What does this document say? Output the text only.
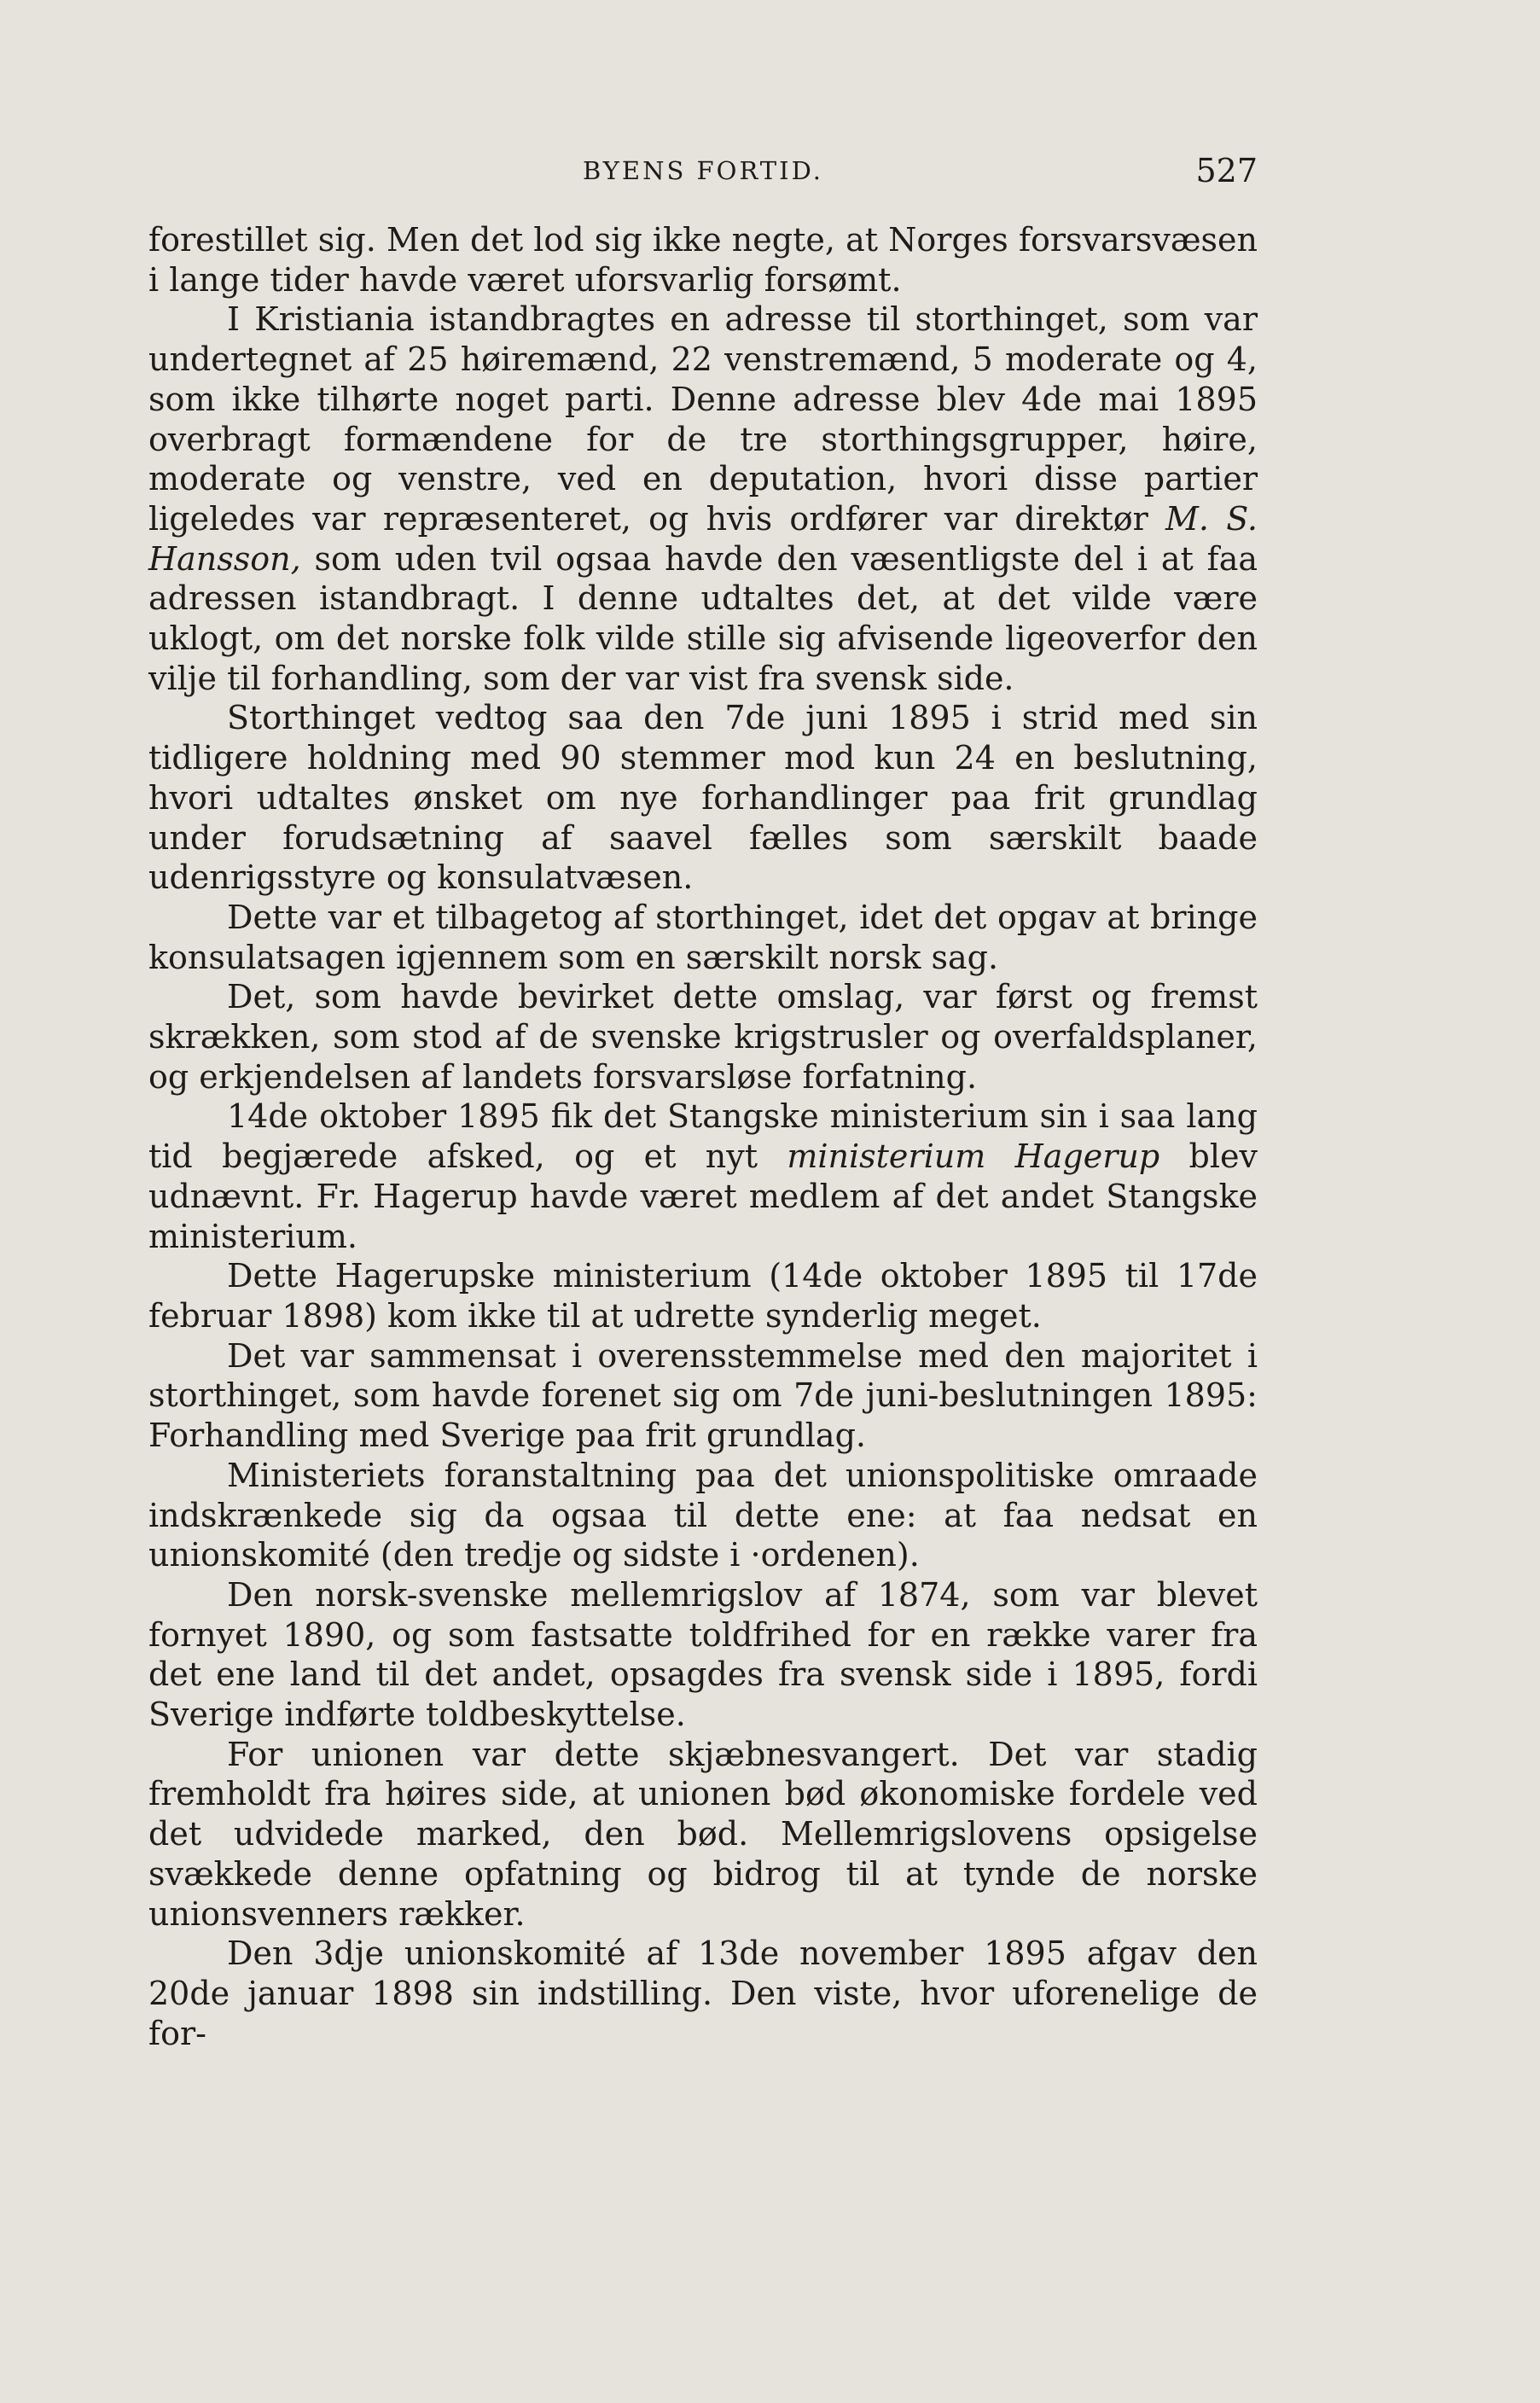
BYENS FORTID.	527

forestillet sig. Men det lod sig ikke negte, at Norges forsvarsvæsen i lange tider havde været uforsvarlig forsømt.

I Kristiania istandbragtes en adresse til storthinget, som var undertegnet af 25 høiremænd, 22 venstremænd, 5 moderate og 4, som ikke tilhørte noget parti. Denne adresse blev 4de mai 1895 overbragt formændene for de tre storthingsgrupper, høire, moderate og venstre, ved en deputation, hvori disse partier ligeledes var repræsenteret, og hvis ordfører var direktør M. S. Hansson, som uden tvil ogsaa havde den væsentligste del i at faa adressen istandbragt. I denne udtaltes det, at det vilde være uklogt, om det norske folk vilde stille sig afvisende ligeoverfor den vilje til forhandling, som der var vist fra svensk side.

Storthinget vedtog saa den 7de juni 1895 i strid med sin tidligere holdning med 90 stemmer mod kun 24 en beslutning, hvori udtaltes ønsket om nye forhandlinger paa frit grundlag under forudsætning af saavel fælles som særskilt baade udenrigsstyre og konsulatvæsen.

Dette var et tilbagetog af storthinget, idet det opgav at bringe konsulatsagen igjennem som en særskilt norsk sag.

Det, som havde bevirket dette omslag, var først og fremst skrækken, som stod af de svenske krigstrusler og overfaldsplaner, og erkjendelsen af landets forsvarsløse forfatning.

14de oktober 1895 fik det Stangske ministerium sin i saa lang tid begjærede afsked, og et nyt ministerium Hagerup blev udnævnt. Fr. Hagerup havde været medlem af det andet Stangske ministerium.

Dette Hagerupske ministerium (14de oktober 1895 til 17de februar 1898) kom ikke til at udrette synderlig meget.

Det var sammensat i overensstemmelse med den majoritet i storthinget, som havde forenet sig om 7de juni-beslutningen 1895: Forhandling med Sverige paa frit grundlag.

Ministeriets foranstaltning paa det unionspolitiske omraade indskrænkede sig da ogsaa til dette ene: at faa nedsat en unionskomité (den tredje og sidste i ·ordenen).

Den norsk-svenske mellemrigslov af 1874, som var blevet fornyet 1890, og som fastsatte toldfrihed for en række varer fra det ene land til det andet, opsagdes fra svensk side i 1895, fordi Sverige indførte toldbeskyttelse.

For unionen var dette skjæbnesvangert. Det var stadig fremholdt fra høires side, at unionen bød økonomiske fordele ved det udvidede marked, den bød. Mellemrigslovens opsigelse svækkede denne opfatning og bidrog til at tynde de norske unionsvenners rækker.

Den 3dje unionskomité af 13de november 1895 afgav den 20de januar 1898 sin indstilling. Den viste, hvor uforenelige de for-
